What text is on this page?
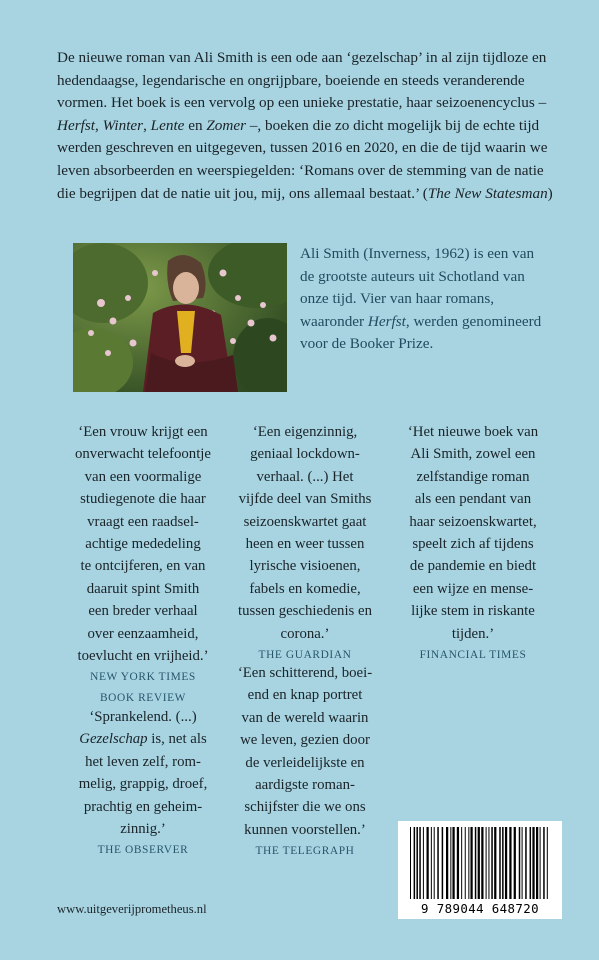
De nieuwe roman van Ali Smith is een ode aan ‘gezelschap’ in al zijn tijdloze en hedendaagse, legendarische en ongrijpbare, boeiende en steeds veranderende vormen. Het boek is een vervolg op een unieke prestatie, haar seizoenencyclus – Herfst, Winter, Lente en Zomer –, boeken die zo dicht mogelijk bij de echte tijd werden geschreven en uitgegeven, tussen 2016 en 2020, en die de tijd waarin we leven absorbeerden en weerspiegelden: ‘Romans over de stemming van de natie die begrijpen dat de natie uit jou, mij, ons allemaal bestaat.’ (The New Statesman)

Ali Smith (Inverness, 1962) is een van de grootste auteurs uit Schotland van onze tijd. Vier van haar romans, waaronder Herfst, werden genomineerd voor de Booker Prize.

‘Een vrouw krijgt een

onverwacht telefoontje

van een voormalige

studiegenote die haar

vraagt een raadsel-

achtige mededeling

te ontcijferen, en van

daaruit spint Smith

een breder verhaal

over eenzaamheid,

toevlucht en vrijheid.’

NEW YORK TIMES
BOOK REVIEW

‘Een eigenzinnig,

geniaal lockdown-

verhaal. (...) Het

vijfde deel van Smiths

seizoenskwartet gaat

heen en weer tussen

lyrische visioenen,

fabels en komedie,

tussen geschiedenis en

corona.’

THE GUARDIAN

‘Het nieuwe boek van

Ali Smith, zowel een

zelfstandige roman

als een pendant van

haar seizoenskwartet,

speelt zich af tijdens

de pandemie en biedt

een wijze en mense-

lijke stem in riskante

tijden.’

FINANCIAL TIMES

‘Sprankelend. (...)

Gezelschap is, net als

het leven zelf, rom-

melig, grappig, droef,

prachtig en geheim-

zinnig.’

THE OBSERVER

‘Een schitterend, boei-

end en knap portret

van de wereld waarin

we leven, gezien door

de verleidelijkste en

aardigste roman-

schijfster die we ons

kunnen voorstellen.’

THE TELEGRAPH
www.uitgeverijprometheus.nl	9 789044 648720
